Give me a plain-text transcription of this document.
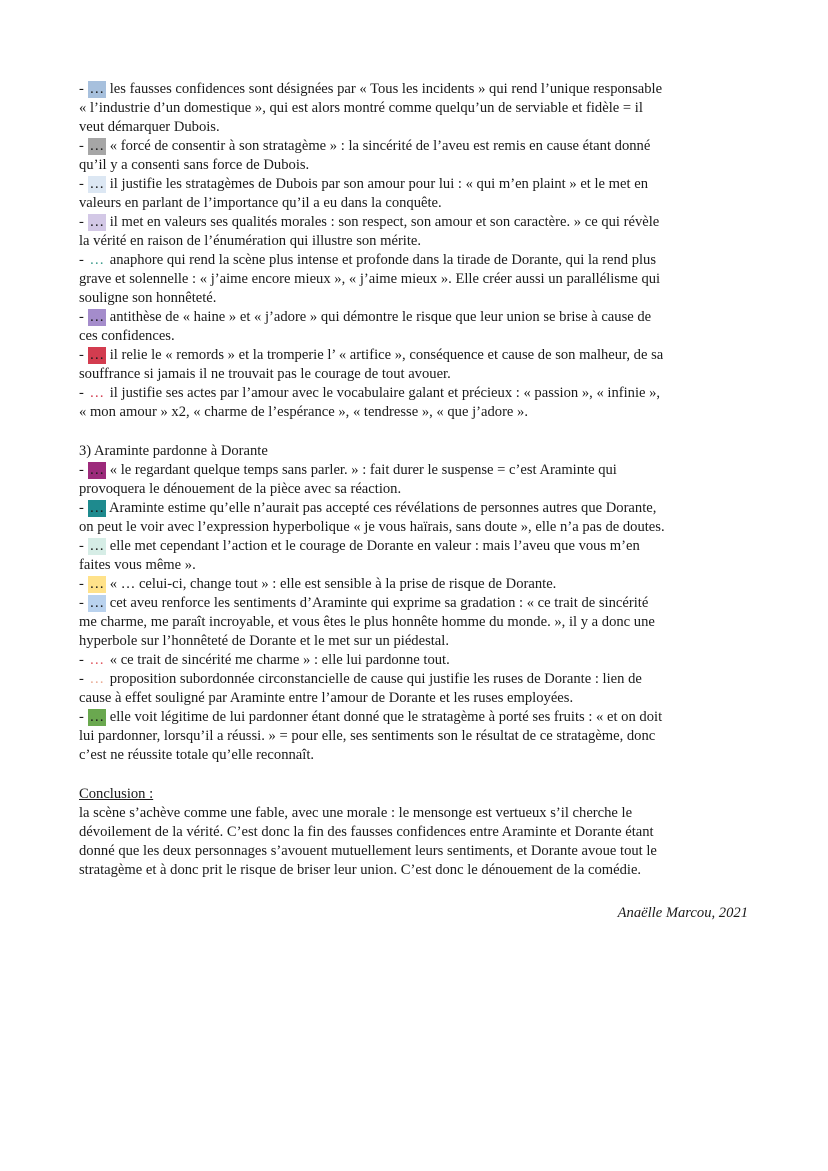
- … les fausses confidences sont désignées par « Tous les incidents » qui rend l’unique responsable
« l’industrie d’un domestique », qui est alors montré comme quelqu’un de serviable et fidèle = il
veut démarquer Dubois.
- … « forcé de consentir à son stratagème » : la sincérité de l’aveu est remis en cause étant donné
qu’il y a consenti sans force de Dubois.
- … il justifie les stratagèmes de Dubois par son amour pour lui : « qui m’en plaint » et le met en
valeurs en parlant de l’importance qu’il a eu dans la conquête.
- … il met en valeurs ses qualités morales : son respect, son amour et son caractère. » ce qui révèle
la vérité en raison de l’énumération qui illustre son mérite.
- … anaphore qui rend la scène plus intense et profonde dans la tirade de Dorante, qui la rend plus
grave et solennelle : « j’aime encore mieux », « j’aime mieux ». Elle créer aussi un parallélisme qui
souligne son honnêteté.
- … antithèse de « haine » et « j’adore » qui démontre le risque que leur union se brise à cause de
ces confidences.
- … il relie le « remords » et la tromperie l’ « artifice », conséquence et cause de son malheur, de sa
souffrance si jamais il ne trouvait pas le courage de tout avouer.
- … il justifie ses actes par l’amour avec le vocabulaire galant et précieux : « passion », « infinie »,
« mon amour » x2, « charme de l’espérance », « tendresse », « que j’adore ».
3) Araminte pardonne à Dorante
- … « le regardant quelque temps sans parler. » : fait durer le suspense = c’est Araminte qui
provoquera le dénouement de la pièce avec sa réaction.
- … Araminte estime qu’elle n’aurait pas accepté ces révélations de personnes autres que Dorante,
on peut le voir avec l’expression hyperbolique « je vous haïrais, sans doute », elle n’a pas de doutes.
- … elle met cependant l’action et le courage de Dorante en valeur : mais l’aveu que vous m’en
faites vous même ».
- … « … celui-ci, change tout » : elle est sensible à la prise de risque de Dorante.
- … cet aveu renforce les sentiments d’Araminte qui exprime sa gradation : « ce trait de sincérité
me charme, me paraît incroyable, et vous êtes le plus honnête homme du monde. », il y a donc une
hyperbole sur l’honnêteté de Dorante et le met sur un piédestal.
- … « ce trait de sincérité me charme » : elle lui pardonne tout.
- … proposition subordonnée circonstancielle de cause qui justifie les ruses de Dorante : lien de
cause à effet souligné par Araminte entre l’amour de Dorante et les ruses employées.
- … elle voit légitime de lui pardonner étant donné que le stratagème à porté ses fruits : « et on doit
lui pardonner, lorsqu’il a réussi. » = pour elle, ses sentiments son le résultat de ce stratagème, donc
c’est ne réussite totale qu’elle reconnaît.
Conclusion :
la scène s’achève comme une fable, avec une morale : le mensonge est vertueux s’il cherche le
dévoilement de la vérité. C’est donc la fin des fausses confidences entre Araminte et Dorante étant
donné que les deux personnages s’avouent mutuellement leurs sentiments, et Dorante avoue tout le
stratagème et à donc prit le risque de briser leur union. C’est donc le dénouement de la comédie.
Anaëlle Marcou, 2021
